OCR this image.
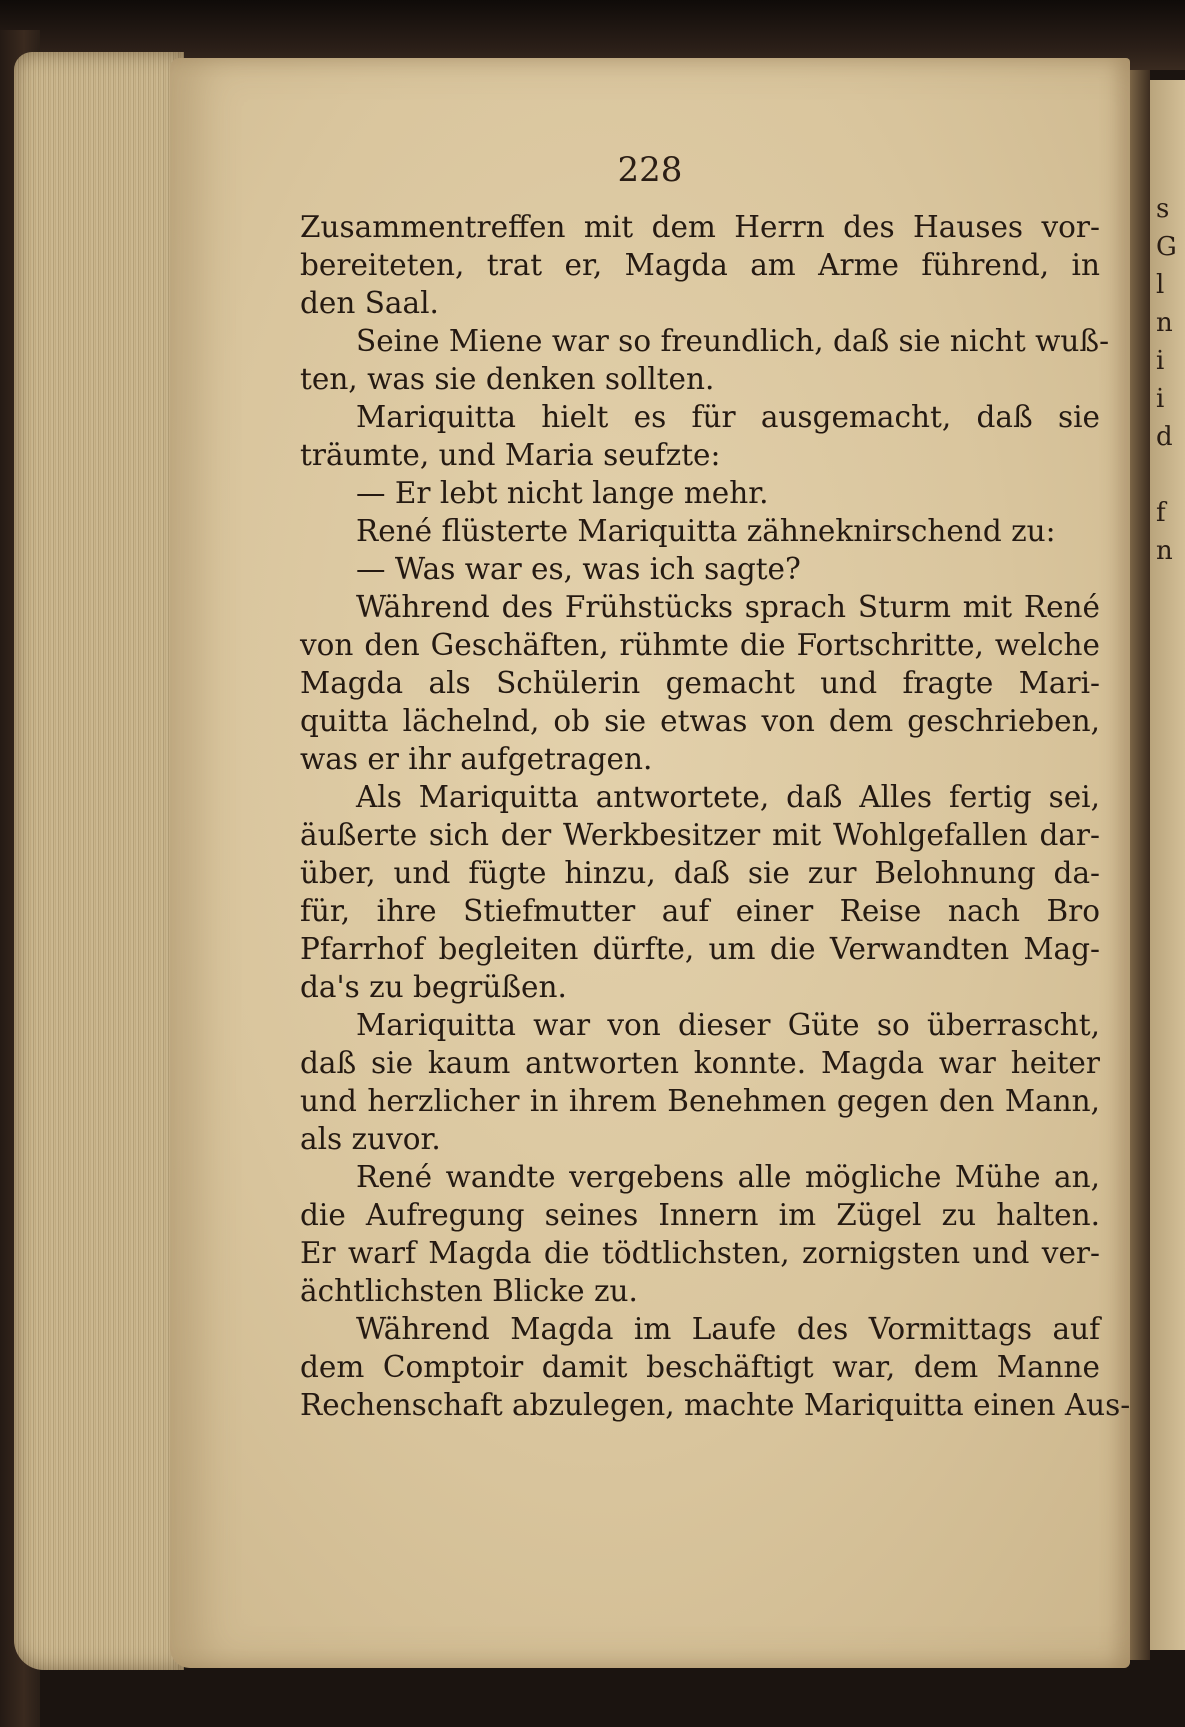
228
Zusammentreffen mit dem Herrn des Hauses vor-
bereiteten, trat er, Magda am Arme führend, in
den Saal.
Seine Miene war so freundlich, daß sie nicht wuß-
ten, was sie denken sollten.
Mariquitta hielt es für ausgemacht, daß sie
träumte, und Maria seufzte:
— Er lebt nicht lange mehr.
René flüsterte Mariquitta zähneknirschend zu:
— Was war es, was ich sagte?
Während des Frühstücks sprach Sturm mit René
von den Geschäften, rühmte die Fortschritte, welche
Magda als Schülerin gemacht und fragte Mari-
quitta lächelnd, ob sie etwas von dem geschrieben,
was er ihr aufgetragen.
Als Mariquitta antwortete, daß Alles fertig sei,
äußerte sich der Werkbesitzer mit Wohlgefallen dar-
über, und fügte hinzu, daß sie zur Belohnung da-
für, ihre Stiefmutter auf einer Reise nach Bro
Pfarrhof begleiten dürfte, um die Verwandten Mag-
da's zu begrüßen.
Mariquitta war von dieser Güte so überrascht,
daß sie kaum antworten konnte. Magda war heiter
und herzlicher in ihrem Benehmen gegen den Mann,
als zuvor.
René wandte vergebens alle mögliche Mühe an,
die Aufregung seines Innern im Zügel zu halten.
Er warf Magda die tödtlichsten, zornigsten und ver-
ächtlichsten Blicke zu.
Während Magda im Laufe des Vormittags auf
dem Comptoir damit beschäftigt war, dem Manne
Rechenschaft abzulegen, machte Mariquitta einen Aus-
s
G
l
n
i
i
d
f
n
